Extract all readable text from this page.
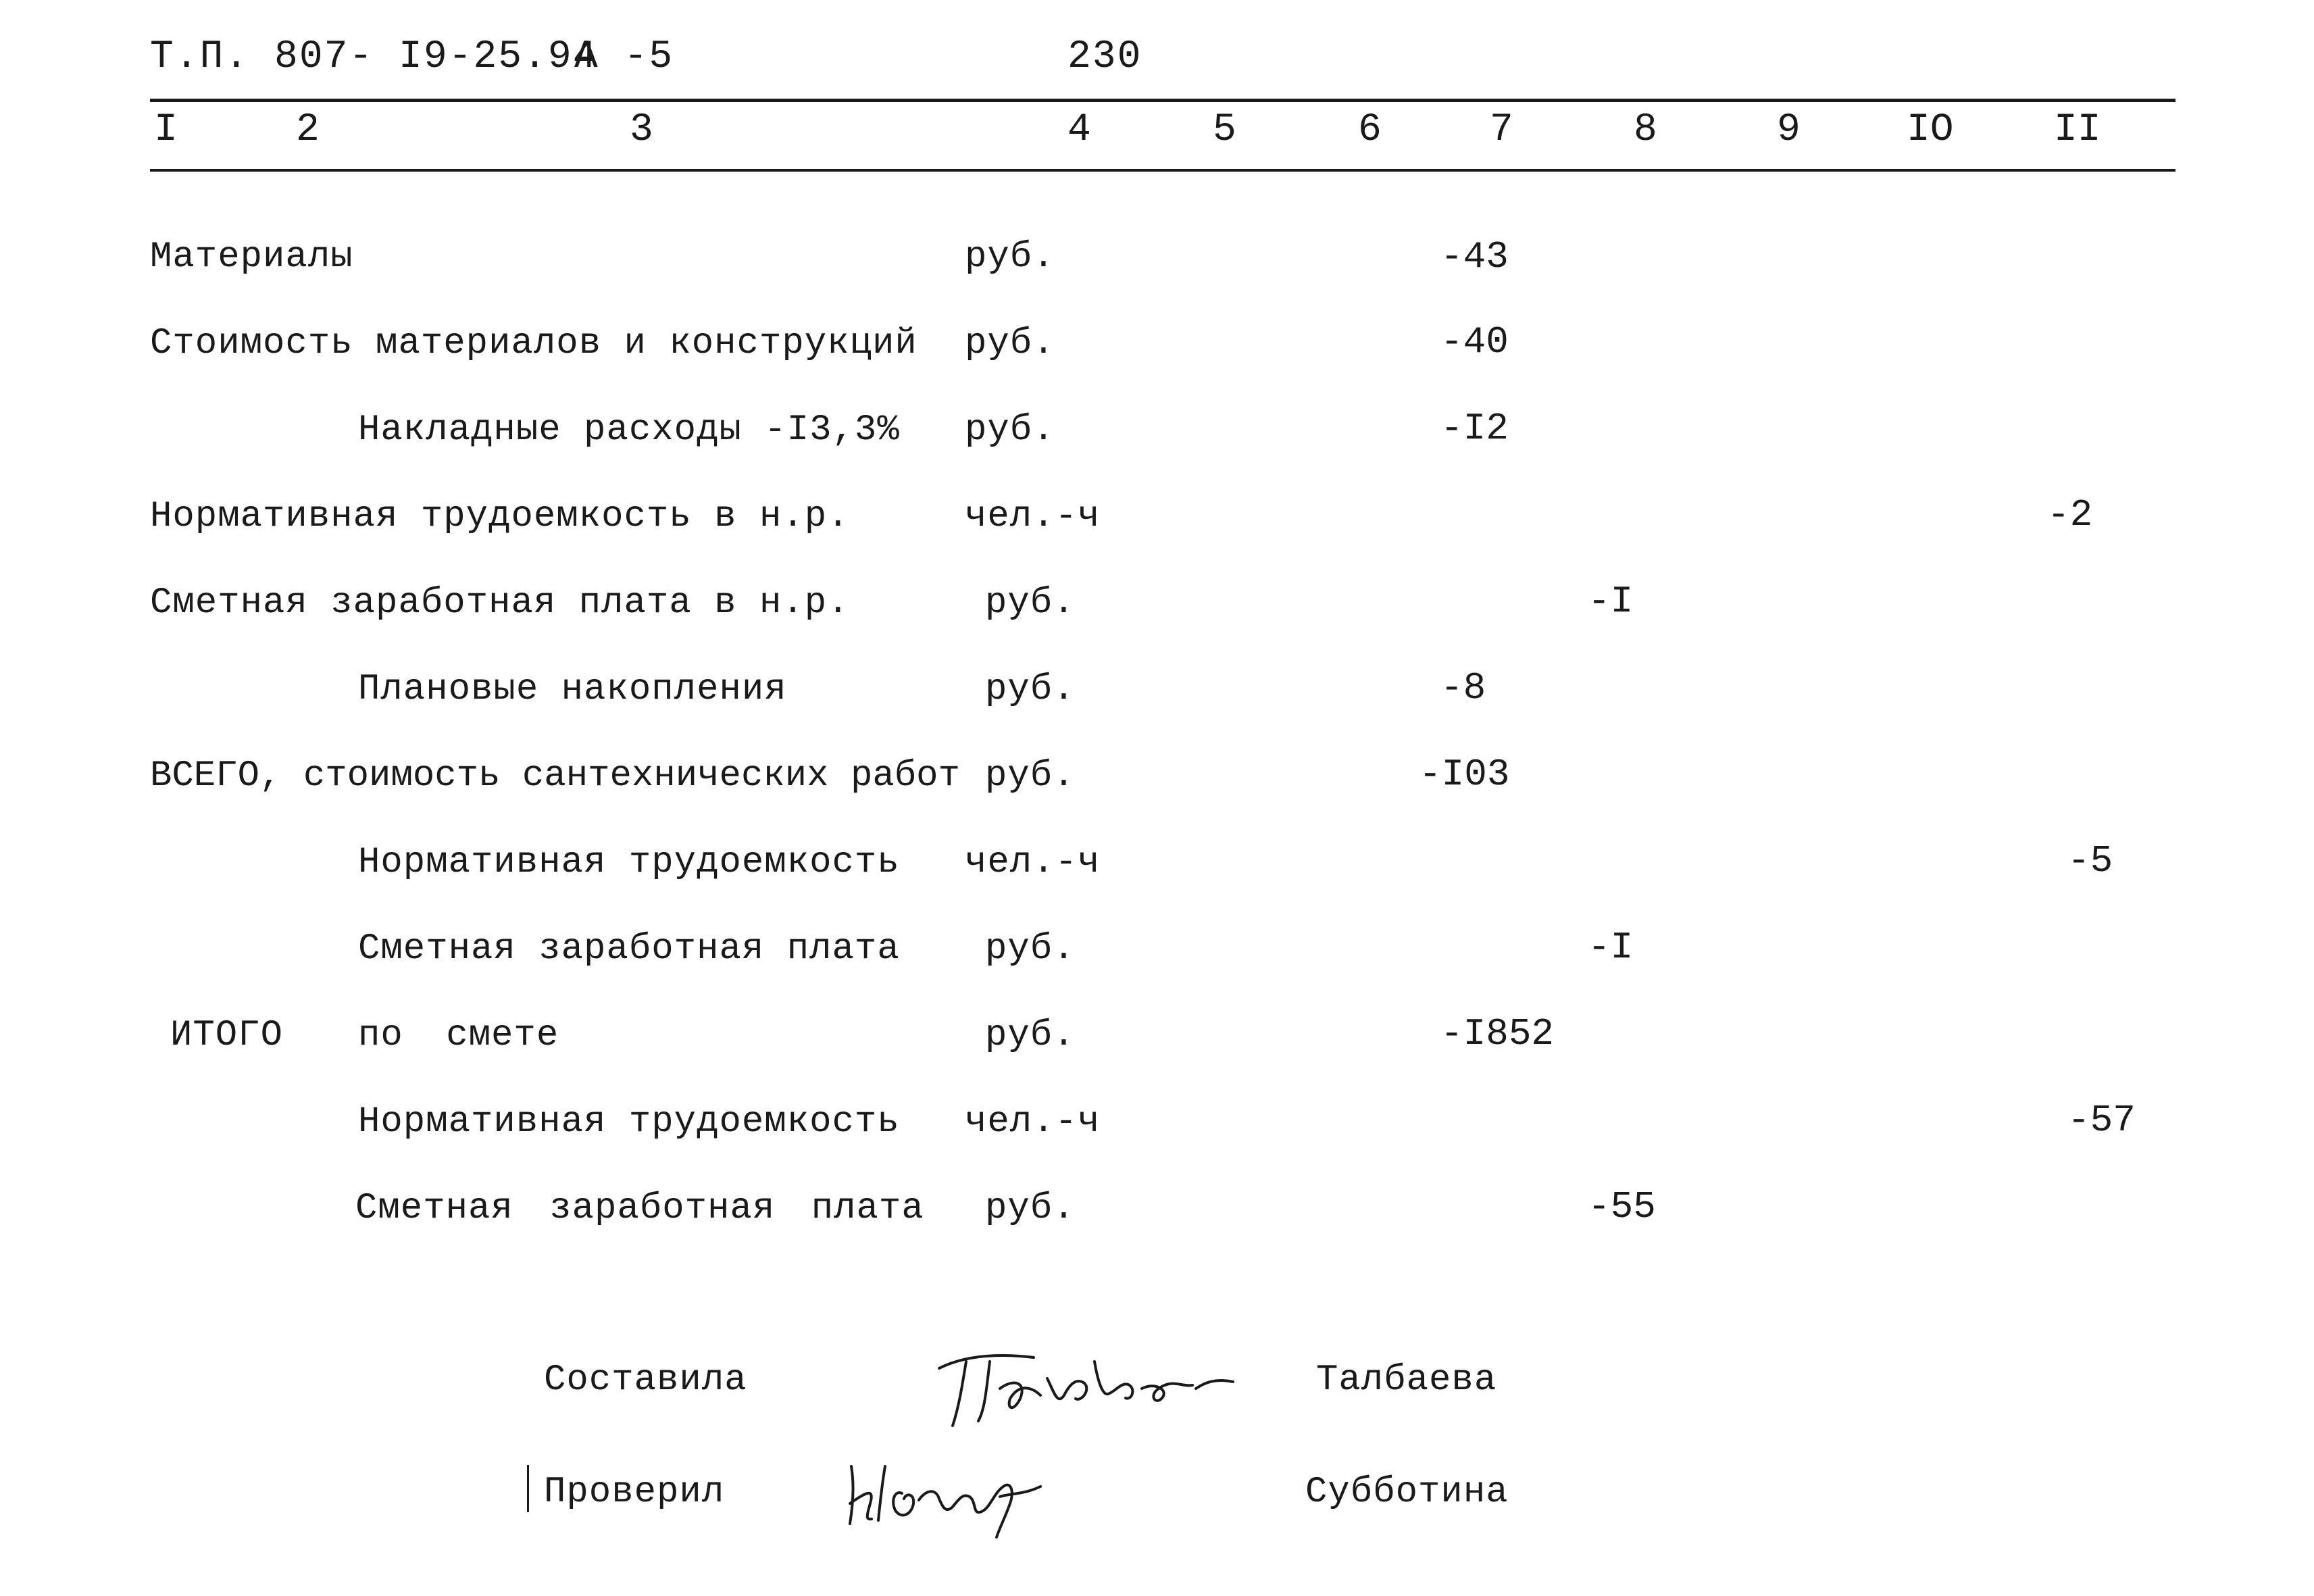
Т.П. 807- I9-25.94
А -5	230
I	2	3	4	5	6	7	8	9	IO	II
Материалы	руб.	-43
Стоимость материалов и конструкций руб.	-40
Накладные расходы -I3,3% руб.	-I2
Нормативная трудоемкость в н.р.	чел.-ч	-2
Сметная заработная плата в н.р.	руб.	-I
Плановые накопления	руб.	-8
ВСЕГО, стоимость сантехнических работ руб.	-I03
Нормативная трудоемкость чел.-ч	-5
Сметная заработная плата руб.	-I
ИТОГО по смете	руб.	-I852
Нормативная трудоемкость чел.-ч	-57
Сметная заработная плата руб.	-55
Составила	Талбаева
Проверил	Субботина
